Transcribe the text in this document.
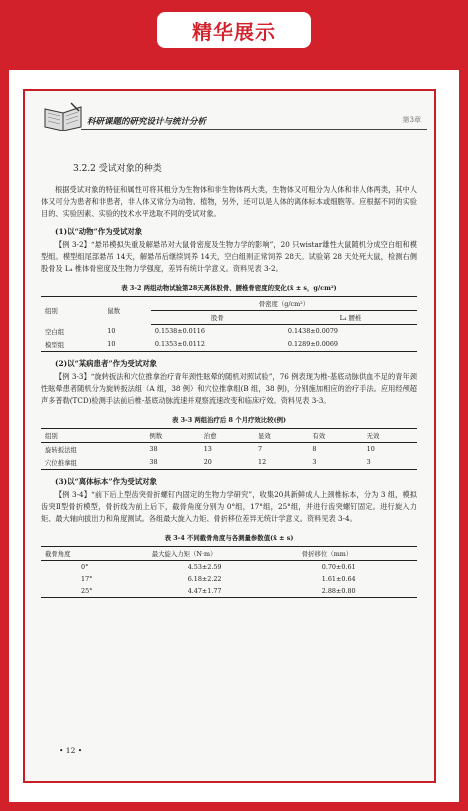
精华展示
科研课题的研究设计与统计分析	第3章
3.2.2 受试对象的种类

根据受试对象的特征和属性可将其粗分为生物体和非生物体两大类，生物体又可粗分为人体和非人体两类，其中人体又可分为患者和非患者，非人体又常分为动物、植物，另外，还可以是人体的离体标本或细胞等。应根据不同的实验目的、实验因素、实验的技术水平选取不同的受试对象。

(1)以“动物”作为受试对象

【例 3-2】“悬吊模拟失重及解悬吊对大鼠骨密度及生物力学的影响”，20 只wistar雄性大鼠随机分成空白组和模型组。模型组尾部悬吊 14天，解悬吊后继续饲养 14天，空白组则正常饲养 28天。试验第 28 天处死大鼠，检测右侧股骨及 L₄ 椎体骨密度及生物力学强度，差异有统计学意义。资料见表 3-2。

表 3-2 两组动物试验第28天离体股骨、腰椎骨密度的变化(x̄ ± s，g/cm²)
组别	鼠数	骨密度（g/cm²）	
		股骨	L₄ 腰椎
空白组	10	0.1538±0.0116	0.1438±0.0079
模型组	10	0.1353±0.0112	0.1289±0.0069
(2)以“某病患者”作为受试对象

【例 3-3】“旋转扳法和穴位推拿治疗青年颈性眩晕的随机对照试验”，76 例表现为椎-基底动脉供血不足的青年颈性眩晕患者随机分为旋转扳法组（A 组，38 例）和穴位推拿组(B 组，38 例)，分别施加相应的治疗手法。应用经颅超声多普勒(TCD)检测手法前后椎-基底动脉流速并观察流速改变和临床疗效。资料见表 3-3。

表 3-3 两组治疗后 8 个月疗效比较(例)
组别	例数	治愈	显效	有效	无效
旋转扳法组	38	13	7	8	10
穴位推拿组	38	20	12	3	3
(3)以“离体标本”作为受试对象

【例 3-4】“前下后上型齿突骨折螺钉内固定的生物力学研究”，收集20具新鲜成人上颈椎标本，分为 3 组，模拟齿突Ⅱ型骨折模型，骨折线为前上后下，截骨角度分别为 0°组，17°组，25°组，并进行齿突螺钉固定。进行旋入力矩、最大轴向拔出力和角度测试。各组最大旋入力矩、骨折移位差异无统计学意义。资料见表 3-4。

表 3-4 不同截骨角度与各测量参数值(x̄ ± s)
截骨角度	最大旋入力矩（N·m）	骨折移位（mm）
0°	4.53±2.59	0.70±0.61
17°	6.18±2.22	1.61±0.64
25°	4.47±1.77	2.88±0.80
• 12 •
